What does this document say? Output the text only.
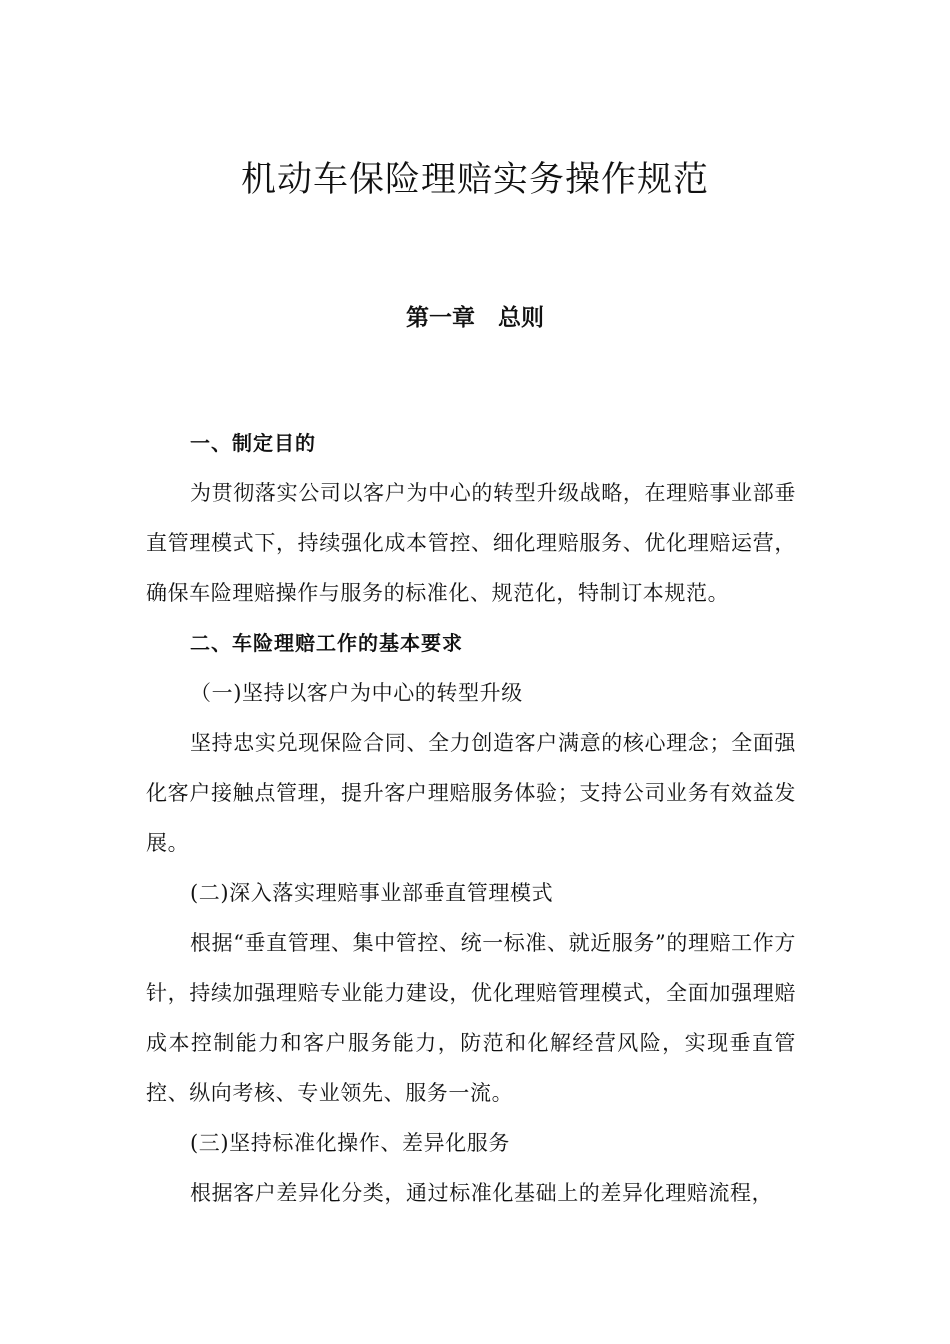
机动车保险理赔实务操作规范
第一章　总则
一、制定目的

为贯彻落实公司以客户为中心的转型升级战略，在理赔事业部垂直管理模式下，持续强化成本管控、细化理赔服务、优化理赔运营，确保车险理赔操作与服务的标准化、规范化，特制订本规范。

二、车险理赔工作的基本要求

（一)坚持以客户为中心的转型升级

坚持忠实兑现保险合同、全力创造客户满意的核心理念；全面强化客户接触点管理，提升客户理赔服务体验；支持公司业务有效益发展。

(二)深入落实理赔事业部垂直管理模式

根据“垂直管理、集中管控、统一标准、就近服务”的理赔工作方针，持续加强理赔专业能力建设，优化理赔管理模式，全面加强理赔成本控制能力和客户服务能力，防范和化解经营风险，实现垂直管控、纵向考核、专业领先、服务一流。

(三)坚持标准化操作、差异化服务

根据客户差异化分类，通过标准化基础上的差异化理赔流程，
